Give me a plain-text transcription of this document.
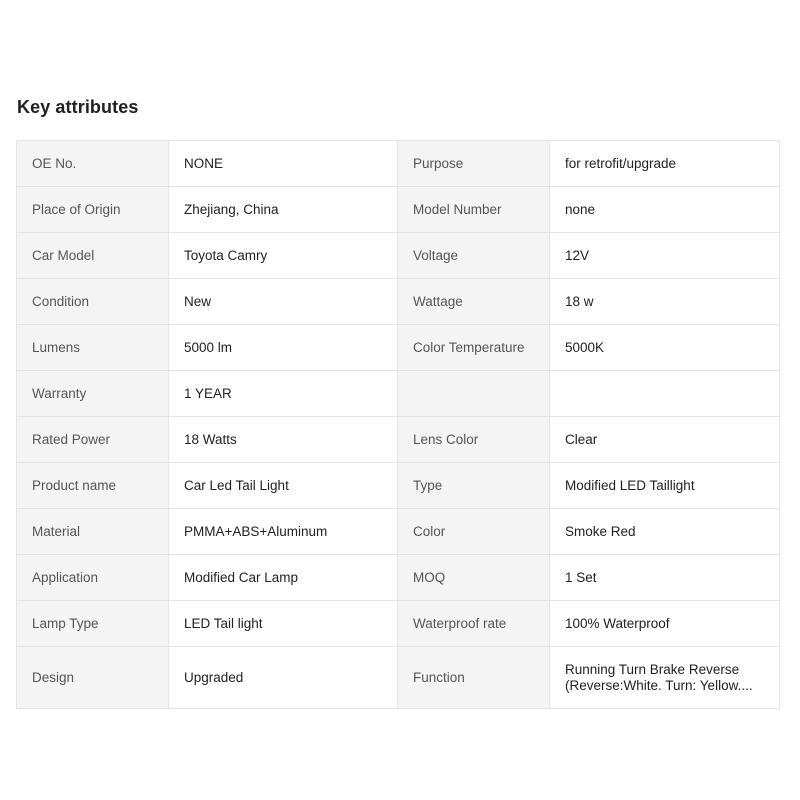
Key attributes
OE No.	NONE	Purpose	for retrofit/upgrade
Place of Origin	Zhejiang, China	Model Number	none
Car Model	Toyota Camry	Voltage	12V
Condition	New	Wattage	18 w
Lumens	5000 lm	Color Temperature	5000K
Warranty	1 YEAR		
Rated Power	18 Watts	Lens Color	Clear
Product name	Car Led Tail Light	Type	Modified LED Taillight
Material	PMMA+ABS+Aluminum	Color	Smoke Red
Application	Modified Car Lamp	MOQ	1 Set
Lamp Type	LED Tail light	Waterproof rate	100% Waterproof
Design	Upgraded	Function	Running Turn Brake Reverse (Reverse:White. Turn: Yellow....
